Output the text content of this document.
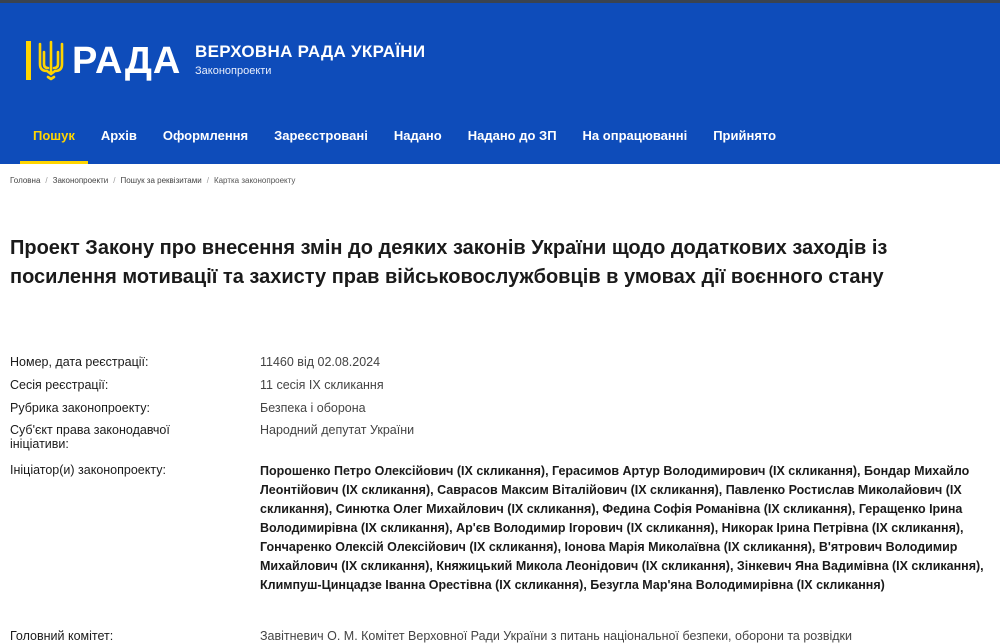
РАДА ВЕРХОВНА РАДА УКРАЇНИ
Законопроекти
Пошук	Архів	Оформлення	Зареєстровані	Надано	Надано до ЗП	На опрацюванні	Прийнято
Головна / Законопроекти / Пошук за реквізитами / Картка законопроекту
Проект Закону про внесення змін до деяких законів України щодо додаткових заходів із посилення мотивації та захисту прав військовослужбовців в умовах дії воєнного стану
Номер, дата реєстрації:	11460 від 02.08.2024
Сесія реєстрації:	11 сесія IX скликання
Рубрика законопроекту:	Безпека і оборона
Суб'єкт права законодавчої ініціативи:
Народний депутат України
Ініціатор(и) законопроекту:	Порошенко Петро Олексійович (IX скликання), Герасимов Артур Володимирович (IX скликання), Бондар Михайло Леонтійович (IX скликання), Савраcов Максим Віталійович (IX скликання), Павленко Ростислав Миколайович (IX скликання), Синютка Олег Михайлович (IX скликання), Федина Софія Романівна (IX скликання), Геращенко Ірина Володимирівна (IX скликання), Ар'єв Володимир Ігорович (IX скликання), Никорак Ірина Петрівна (IX скликання), Гончаренко Олексій Олексійович (IX скликання), Іонова Марія Миколаївна (IX скликання), В'ятрович Володимир Михайлович (IX скликання), Княжицький Микола Леонідович (IX скликання), Зінкевич Яна Вадимівна (IX скликання), Климпуш-Цинцадзе Іванна Орестівна (IX скликання), Безугла Мар'яна Володимирівна (IX скликання)
Головний комітет:	Завітневич О. М. Комітет Верховної Ради України з питань національної безпеки, оборони та розвідки
